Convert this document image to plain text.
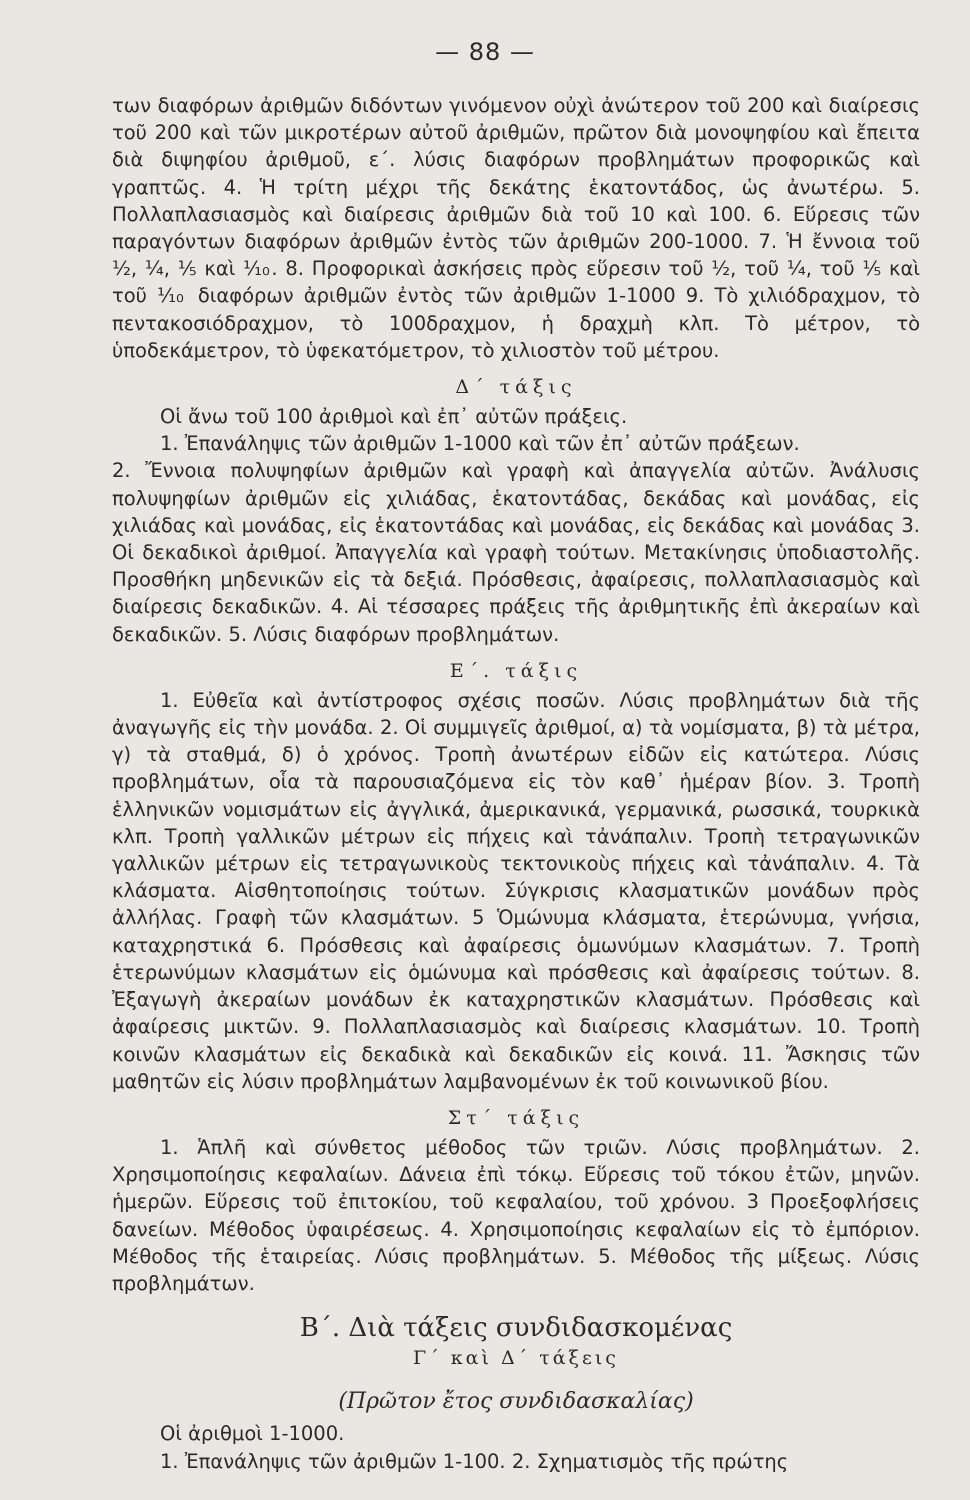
— 88 —

των διαφόρων ἀριθμῶν διδόντων γινόμενον οὐχὶ ἀνώτερον τοῦ 200 καὶ διαίρεσις τοῦ 200 καὶ τῶν μικροτέρων αὐτοῦ ἀριθμῶν, πρῶτον διὰ μονοψηφίου καὶ ἔπειτα διὰ διψηφίου ἀριθμοῦ, ε΄. λύσις διαφόρων προβλημάτων προφορικῶς καὶ γραπτῶς. 4. Ἡ τρίτη μέχρι τῆς δεκάτης ἑκατοντάδος, ὡς ἀνωτέρω. 5. Πολλαπλασιασμὸς καὶ διαίρεσις ἀριθμῶν διὰ τοῦ 10 καὶ 100. 6. Εὕρεσις τῶν παραγόντων διαφόρων ἀριθμῶν ἐντὸς τῶν ἀριθμῶν 200-1000. 7. Ἡ ἔννοια τοῦ ½, ¼, ⅕ καὶ ⅒. 8. Προφορικαὶ ἀσκήσεις πρὸς εὕρεσιν τοῦ ½, τοῦ ¼, τοῦ ⅕ καὶ τοῦ ⅒ διαφόρων ἀριθμῶν ἐντὸς τῶν ἀριθμῶν 1-1000 9. Τὸ χιλιόδραχμον, τὸ πεντακοσιόδραχμον, τὸ 100δραχμον, ἡ δραχμὴ κλπ. Τὸ μέτρον, τὸ ὑποδεκάμετρον, τὸ ὑφεκατόμετρον, τὸ χιλιοστὸν τοῦ μέτρου.

Δ΄ τάξις

Οἱ ἄνω τοῦ 100 ἀριθμοὶ καὶ ἐπ᾽ αὐτῶν πράξεις.

1. Ἐπανάληψις τῶν ἀριθμῶν 1-1000 καὶ τῶν ἐπ᾽ αὐτῶν πράξεων.

2. Ἔννοια πολυψηφίων ἀριθμῶν καὶ γραφὴ καὶ ἀπαγγελία αὐτῶν. Ἀνάλυσις πολυψηφίων ἀριθμῶν εἰς χιλιάδας, ἑκατοντάδας, δεκάδας καὶ μονάδας, εἰς χιλιάδας καὶ μονάδας, εἰς ἑκατοντάδας καὶ μονάδας, εἰς δεκάδας καὶ μονάδας 3. Οἱ δεκαδικοὶ ἀριθμοί. Ἀπαγγελία καὶ γραφὴ τούτων. Μετακίνησις ὑποδιαστολῆς. Προσθήκη μηδενικῶν εἰς τὰ δεξιά. Πρόσθεσις, ἀφαίρεσις, πολλαπλασιασμὸς καὶ διαίρεσις δεκαδικῶν. 4. Αἱ τέσσαρες πράξεις τῆς ἀριθμητικῆς ἐπὶ ἀκεραίων καὶ δεκαδικῶν. 5. Λύσις διαφόρων προβλημάτων.

Ε΄. τάξις

1. Εὐθεῖα καὶ ἀντίστροφος σχέσις ποσῶν. Λύσις προβλημάτων διὰ τῆς ἀναγωγῆς εἰς τὴν μονάδα. 2. Οἱ συμμιγεῖς ἀριθμοί, α) τὰ νομίσματα, β) τὰ μέτρα, γ) τὰ σταθμά, δ) ὁ χρόνος. Τροπὴ ἀνωτέρων εἰδῶν εἰς κατώτερα. Λύσις προβλημάτων, οἷα τὰ παρουσιαζόμενα εἰς τὸν καθ᾽ ἡμέραν βίον. 3. Τροπὴ ἑλληνικῶν νομισμάτων εἰς ἀγγλικά, ἀμερικανικά, γερμανικά, ρωσσικά, τουρκικὰ κλπ. Τροπὴ γαλλικῶν μέτρων εἰς πήχεις καὶ τἀνάπαλιν. Τροπὴ τετραγωνικῶν γαλλικῶν μέτρων εἰς τετραγωνικοὺς τεκτονικοὺς πήχεις καὶ τἀνάπαλιν. 4. Τὰ κλάσματα. Αἰσθητοποίησις τούτων. Σύγκρισις κλασματικῶν μονάδων πρὸς ἀλλήλας. Γραφὴ τῶν κλασμάτων. 5 Ὁμώνυμα κλάσματα, ἑτερώνυμα, γνήσια, καταχρηστικά 6. Πρόσθεσις καὶ ἀφαίρεσις ὁμωνύμων κλασμάτων. 7. Τροπὴ ἑτερωνύμων κλασμάτων εἰς ὁμώνυμα καὶ πρόσθεσις καὶ ἀφαίρεσις τούτων. 8. Ἐξαγωγὴ ἀκεραίων μονάδων ἐκ καταχρηστικῶν κλασμάτων. Πρόσθεσις καὶ ἀφαίρεσις μικτῶν. 9. Πολλαπλασιασμὸς καὶ διαίρεσις κλασμάτων. 10. Τροπὴ κοινῶν κλασμάτων εἰς δεκαδικὰ καὶ δεκαδικῶν εἰς κοινά. 11. Ἄσκησις τῶν μαθητῶν εἰς λύσιν προβλημάτων λαμβανομένων ἐκ τοῦ κοινωνικοῦ βίου.

Στ΄ τάξις

1. Ἁπλῆ καὶ σύνθετος μέθοδος τῶν τριῶν. Λύσις προβλημάτων. 2. Χρησιμοποίησις κεφαλαίων. Δάνεια ἐπὶ τόκῳ. Εὕρεσις τοῦ τόκου ἐτῶν, μηνῶν. ἡμερῶν. Εὕρεσις τοῦ ἐπιτοκίου, τοῦ κεφαλαίου, τοῦ χρόνου. 3 Προεξοφλήσεις δανείων. Μέθοδος ὑφαιρέσεως. 4. Χρησιμοποίησις κεφαλαίων εἰς τὸ ἐμπόριον. Μέθοδος τῆς ἑταιρείας. Λύσις προβλημάτων. 5. Μέθοδος τῆς μίξεως. Λύσις προβλημάτων.

Β΄. Διὰ τάξεις συνδιδασκομένας
Γ΄ καὶ Δ΄ τάξεις
(Πρῶτον ἔτος συνδιδασκαλίας)

Οἱ ἀριθμοὶ 1-1000.

1. Ἐπανάληψις τῶν ἀριθμῶν 1-100. 2. Σχηματισμὸς τῆς πρώτης
